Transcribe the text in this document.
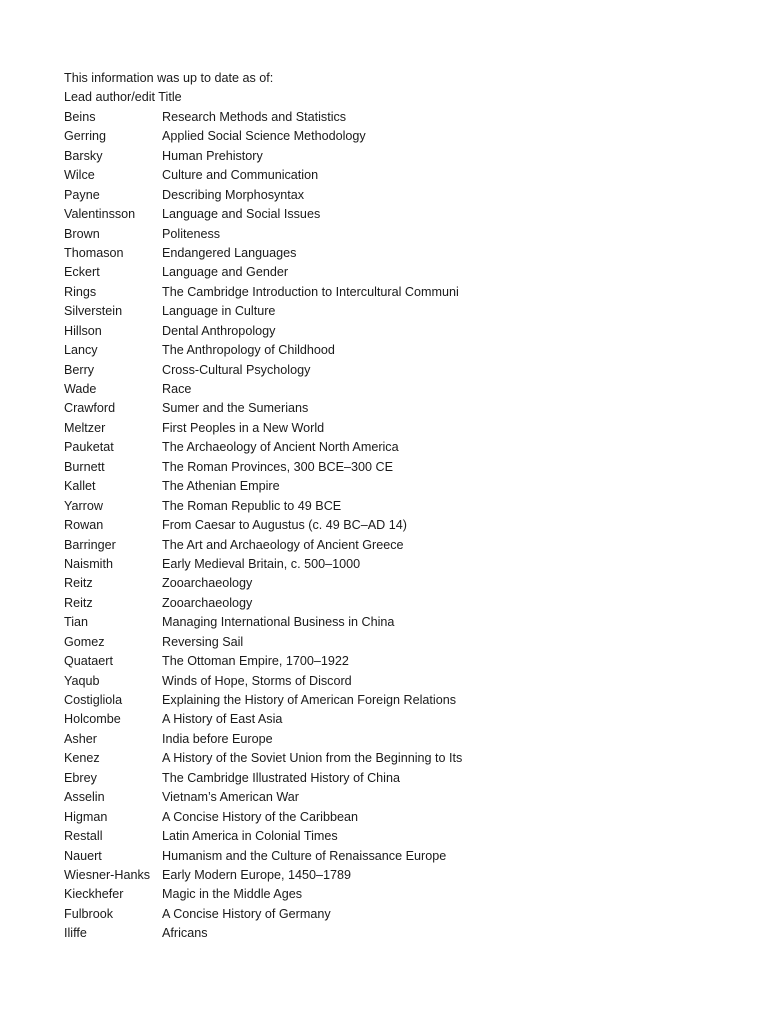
This information was up to date as of:
Lead author/edit Title
Beins	Research Methods and Statistics
Gerring	Applied Social Science Methodology
Barsky	Human Prehistory
Wilce	Culture and Communication
Payne	Describing Morphosyntax
Valentinsson	Language and Social Issues
Brown	Politeness
Thomason	Endangered Languages
Eckert	Language and Gender
Rings	The Cambridge Introduction to Intercultural Communi
Silverstein	Language in Culture
Hillson	Dental Anthropology
Lancy	The Anthropology of Childhood
Berry	Cross-Cultural Psychology
Wade	Race
Crawford	Sumer and the Sumerians
Meltzer	First Peoples in a New World
Pauketat	The Archaeology of Ancient North America
Burnett	The Roman Provinces, 300 BCE–300 CE
Kallet	The Athenian Empire
Yarrow	The Roman Republic to 49 BCE
Rowan	From Caesar to Augustus (c. 49 BC–AD 14)
Barringer	The Art and Archaeology of Ancient Greece
Naismith	Early Medieval Britain, c. 500–1000
Reitz	Zooarchaeology
Reitz	Zooarchaeology
Tian	Managing International Business in China
Gomez	Reversing Sail
Quataert	The Ottoman Empire, 1700–1922
Yaqub	Winds of Hope, Storms of Discord
Costigliola	Explaining the History of American Foreign Relations
Holcombe	A History of East Asia
Asher	India before Europe
Kenez	A History of the Soviet Union from the Beginning to Its
Ebrey	The Cambridge Illustrated History of China
Asselin	Vietnam’s American War
Higman	A Concise History of the Caribbean
Restall	Latin America in Colonial Times
Nauert	Humanism and the Culture of Renaissance Europe
Wiesner-Hanks Early Modern Europe, 1450–1789
Kieckhefer	Magic in the Middle Ages
Fulbrook	A Concise History of Germany
Iliffe	Africans
